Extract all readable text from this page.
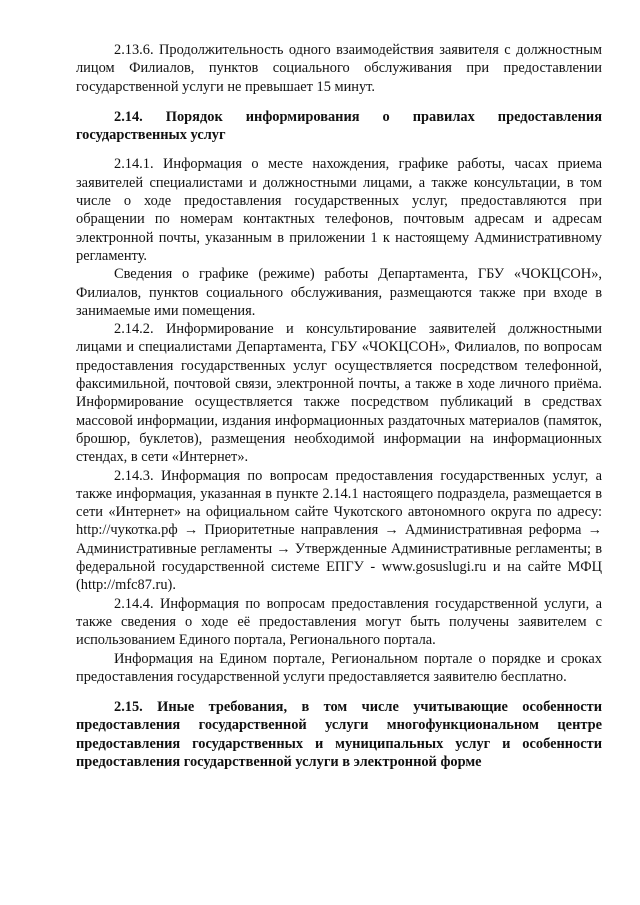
2.13.6. Продолжительность одного взаимодействия заявителя с должностным лицом Филиалов, пунктов социального обслуживания при предоставлении государственной услуги не превышает 15 минут.

2.14. Порядок информирования о правилах предоставления государственных услуг

2.14.1. Информация о месте нахождения, графике работы, часах приема заявителей специалистами и должностными лицами, а также консультации, в том числе о ходе предоставления государственных услуг, предоставляются при обращении по номерам контактных телефонов, почтовым адресам и адресам электронной почты, указанным в приложении 1 к настоящему Административному регламенту.

Сведения о графике (режиме) работы Департамента, ГБУ «ЧОКЦСОН», Филиалов, пунктов социального обслуживания, размещаются также при входе в занимаемые ими помещения.

2.14.2. Информирование и консультирование заявителей должностными лицами и специалистами Департамента, ГБУ «ЧОКЦСОН», Филиалов, по вопросам предоставления государственных услуг осуществляется посредством телефонной, факсимильной, почтовой связи, электронной почты, а также в ходе личного приёма. Информирование осуществляется также посредством публикаций в средствах массовой информации, издания информационных раздаточных материалов (памяток, брошюр, буклетов), размещения необходимой информации на информационных стендах, в сети «Интернет».

2.14.3. Информация по вопросам предоставления государственных услуг, а также информация, указанная в пункте 2.14.1 настоящего подраздела, размещается в сети «Интернет» на официальном сайте Чукотского автономного округа по адресу: http://чукотка.рф → Приоритетные направления → Административная реформа → Административные регламенты → Утвержденные Административные регламенты; в федеральной государственной системе ЕПГУ - www.gosuslugi.ru и на сайте МФЦ (http://mfc87.ru).

2.14.4. Информация по вопросам предоставления государственной услуги, а также сведения о ходе её предоставления могут быть получены заявителем с использованием Единого портала, Регионального портала.

Информация на Едином портале, Региональном портале о порядке и сроках предоставления государственной услуги предоставляется заявителю бесплатно.

2.15. Иные требования, в том числе учитывающие особенности предоставления государственной услуги многофункциональном центре предоставления государственных и муниципальных услуг и особенности предоставления государственной услуги в электронной форме
